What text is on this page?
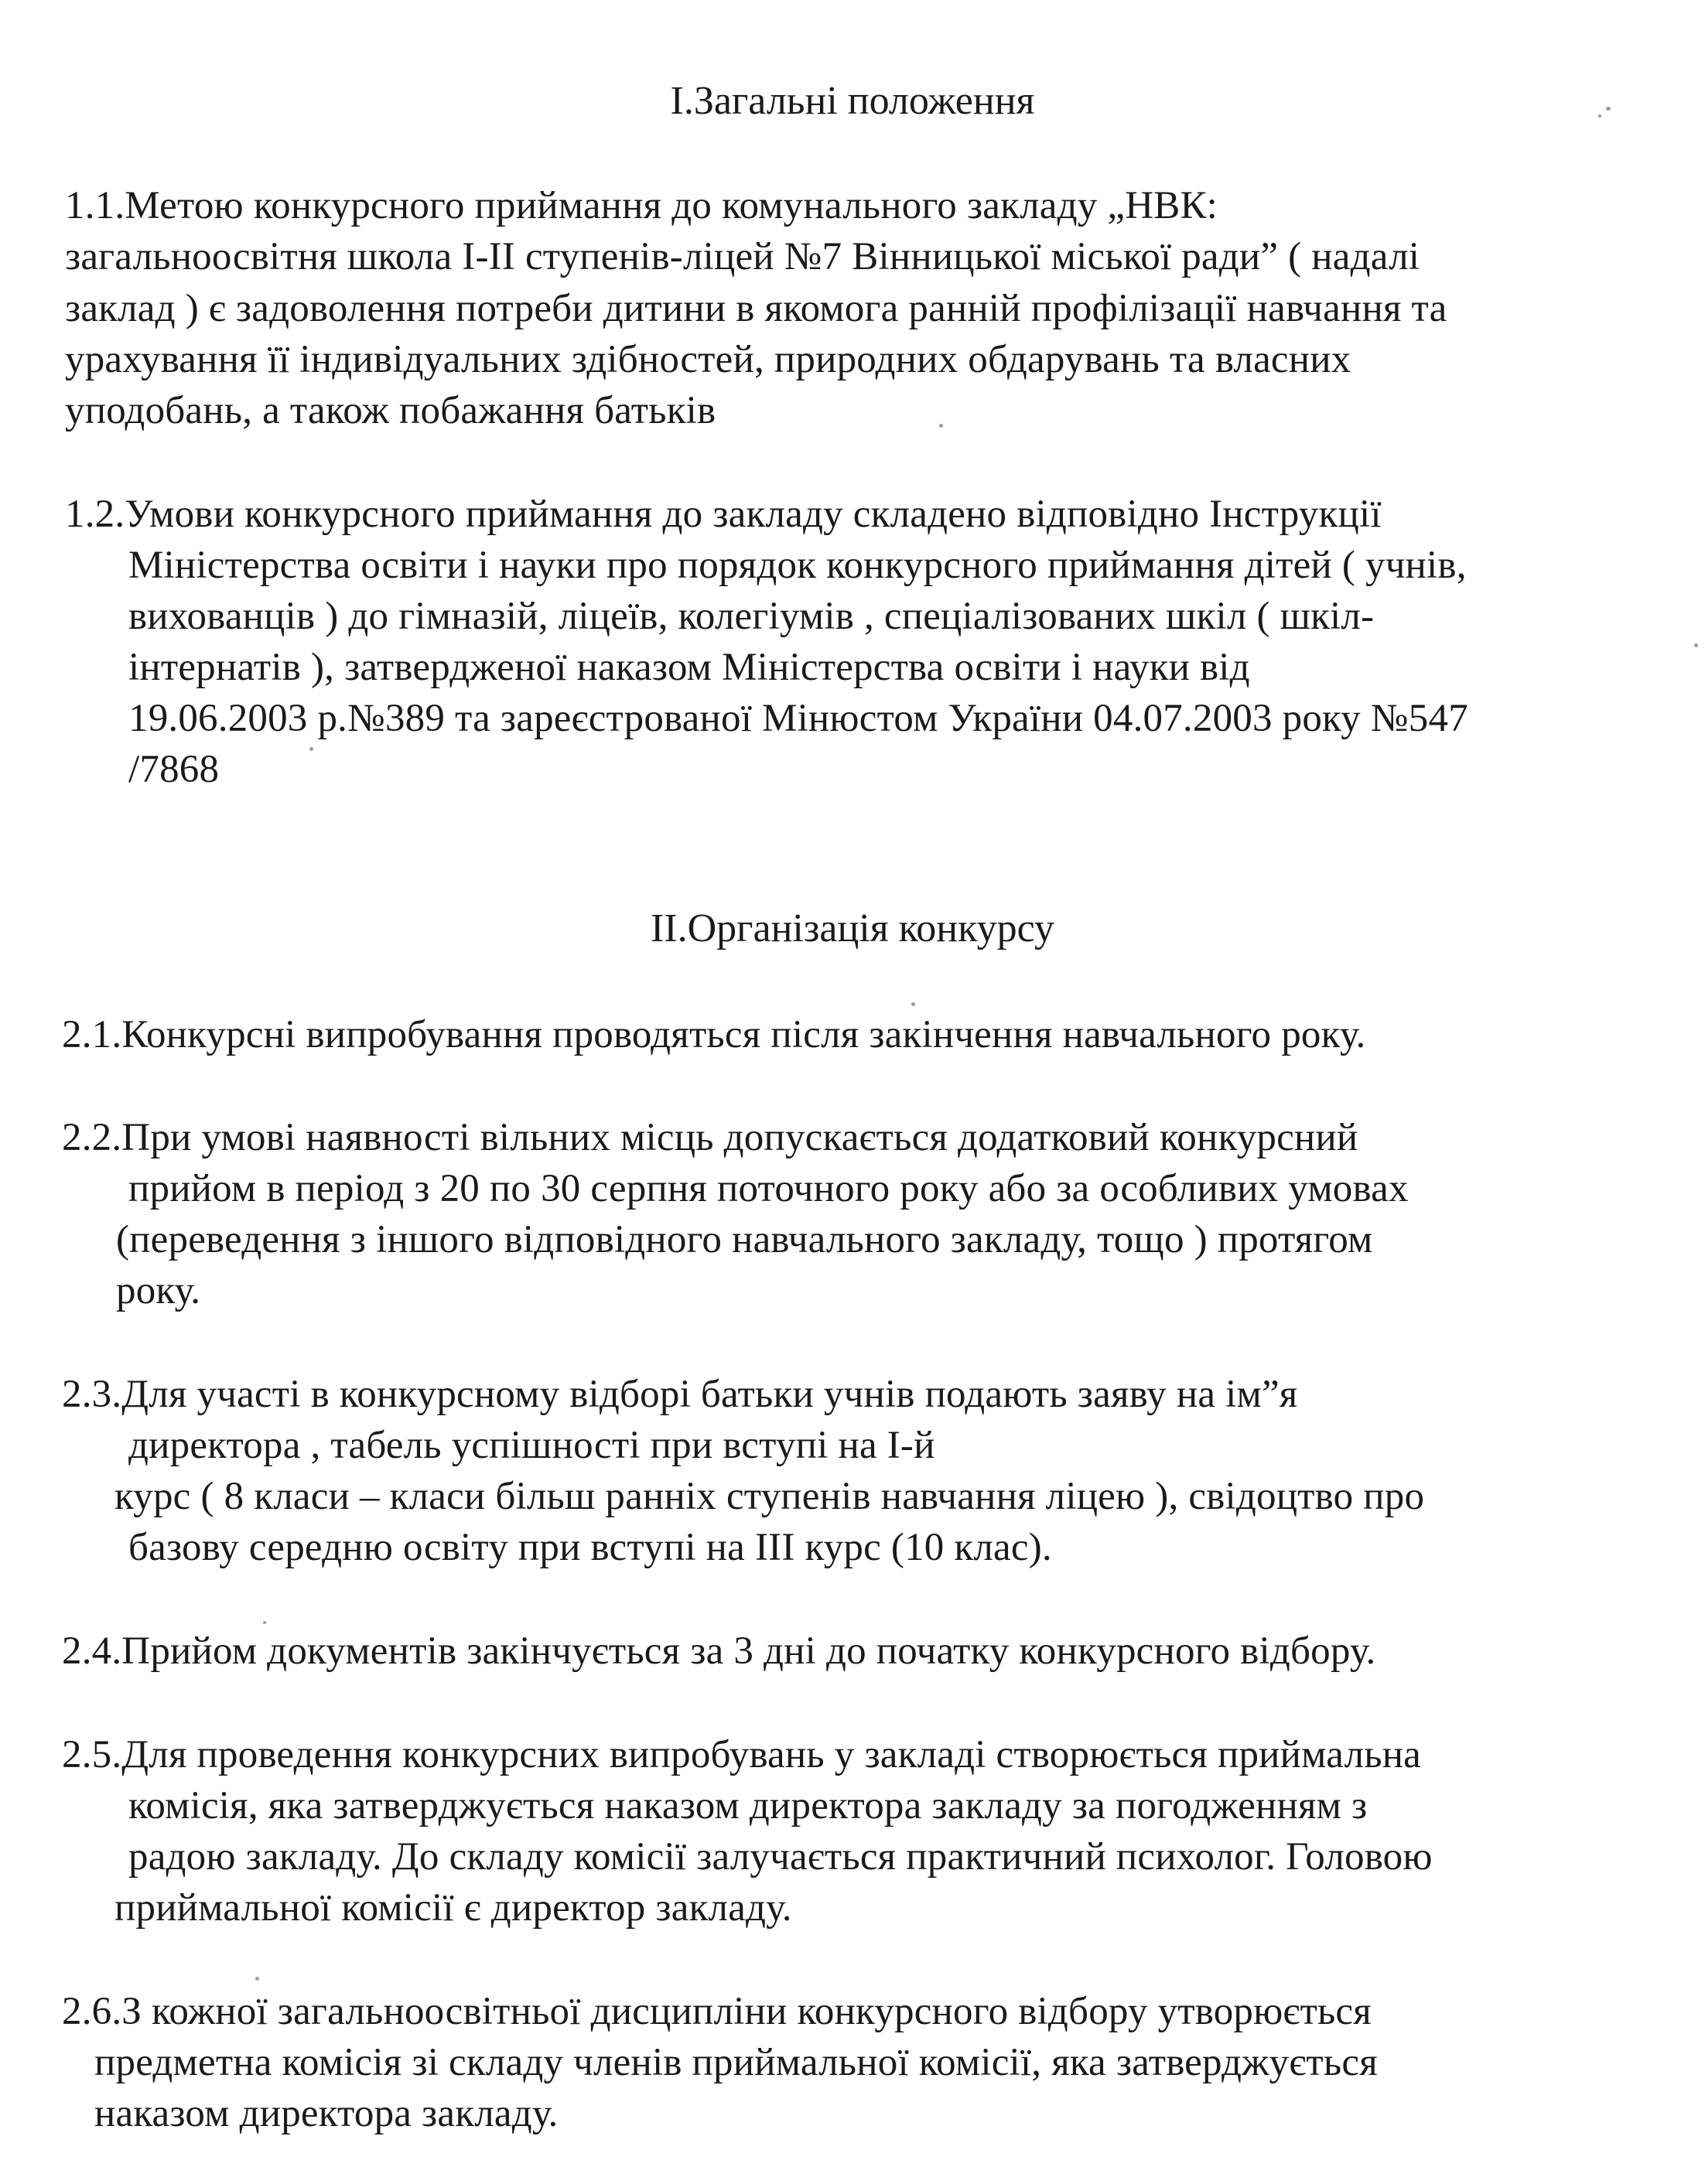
I.Загальні положення
1.1.Метою конкурсного приймання до комунального закладу „НВК:
загальноосвітня школа I-II ступенів-ліцей №7 Вінницької міської ради” ( надалі
заклад ) є задоволення потреби дитини в якомога ранній профілізації навчання та
урахування її індивідуальних здібностей, природних обдарувань та власних
уподобань, а також побажання батьків
1.2.Умови конкурсного приймання до закладу складено відповідно Інструкції
Міністерства освіти і науки про порядок конкурсного приймання дітей ( учнів,
вихованців ) до гімназій, ліцеїв, колегіумів , спеціалізованих шкіл ( шкіл-
інтернатів ), затвердженої наказом Міністерства освіти і науки від
19.06.2003 р.№389 та зареєстрованої Мінюстом України 04.07.2003 року №547
/7868
II.Організація конкурсу
2.1.Конкурсні випробування проводяться після закінчення навчального року.
2.2.При умові наявності вільних місць допускається додатковий конкурсний
прийом в період з 20 по 30 серпня поточного року або за особливих умовах
(переведення з іншого відповідного навчального закладу, тощо ) протягом
року.
2.3.Для участі в конкурсному відборі батьки учнів подають заяву на ім”я
директора , табель успішності при вступі на І-й
курс ( 8 класи – класи більш ранніх ступенів навчання ліцею ), свідоцтво про
базову середню освіту при вступі на III курс (10 клас).
2.4.Прийом документів закінчується за 3 дні до початку конкурсного відбору.
2.5.Для проведення конкурсних випробувань у закладі створюється приймальна
комісія, яка затверджується наказом директора закладу за погодженням з
радою закладу. До складу комісії залучається практичний психолог. Головою
приймальної комісії є директор закладу.
2.6.З кожної загальноосвітньої дисципліни конкурсного відбору утворюється
предметна комісія зі складу членів приймальної комісії, яка затверджується
наказом директора закладу.
